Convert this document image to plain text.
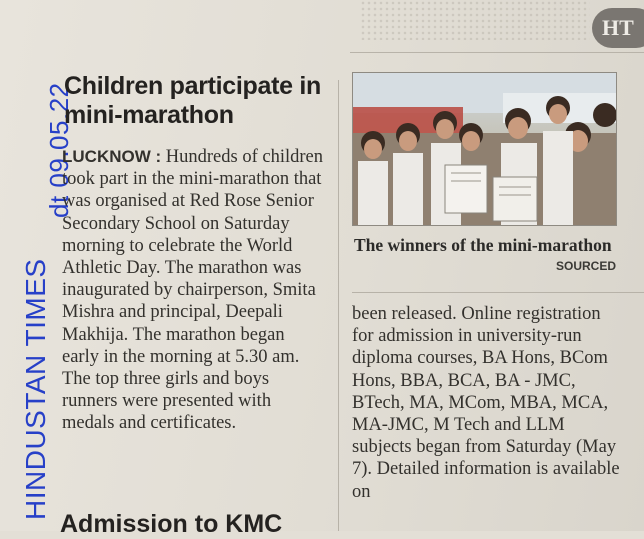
HT
HINDUSTAN TIMES
dt 09.05.22
Children participate in mini-marathon
LUCKNOW : Hundreds of children took part in the mini-marathon that was organised at Red Rose Senior Secondary School on Saturday morning to celebrate the World Athletic Day. The marathon was inaugurated by chairperson, Smita Mishra and principal, Deepali Makhija. The marathon began early in the morning at 5.30 am. The top three girls and boys runners were presented with medals and certificates.
Admission to KMC
The winners of the mini-marathon
SOURCED
been released. Online registration for admission in university-run diploma courses, BA Hons, BCom Hons, BBA, BCA, BA - JMC, BTech, MA, MCom, MBA, MCA, MA-JMC, M Tech and LLM subjects began from Saturday (May 7). Detailed information is available on
